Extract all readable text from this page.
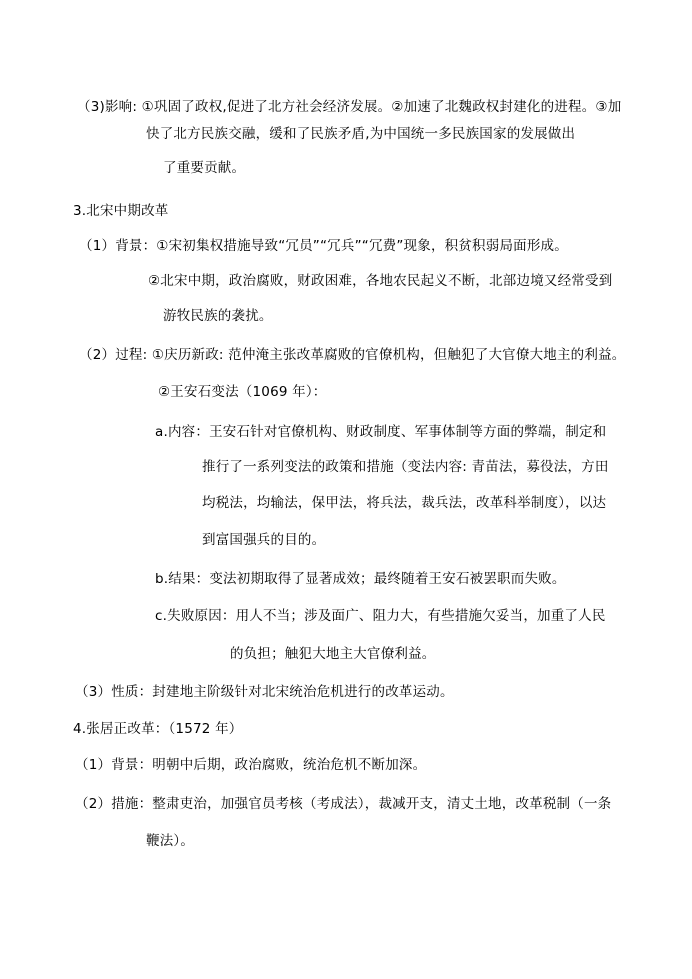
（3)影响: ①巩固了政权,促进了北方社会经济发展。②加速了北魏政权封建化的进程。③加
快了北方民族交融，缓和了民族矛盾,为中国统一多民族国家的发展做出
了重要贡献。
3.北宋中期改革
（1）背景：①宋初集权措施导致“冗员”“冗兵”“冗费”现象，积贫积弱局面形成。
②北宋中期，政治腐败，财政困难，各地农民起义不断，北部边境又经常受到
游牧民族的袭扰。
（2）过程: ①庆历新政: 范仲淹主张改革腐败的官僚机构，但触犯了大官僚大地主的利益。
②王安石变法（1069 年）：
a.内容：王安石针对官僚机构、财政制度、军事体制等方面的弊端，制定和
推行了一系列变法的政策和措施（变法内容: 青苗法，募役法，方田
均税法，均输法，保甲法，将兵法，裁兵法，改革科举制度），以达
到富国强兵的目的。
b.结果：变法初期取得了显著成效；最终随着王安石被罢职而失败。
c.失败原因：用人不当；涉及面广、阻力大，有些措施欠妥当，加重了人民
的负担；触犯大地主大官僚利益。
（3）性质：封建地主阶级针对北宋统治危机进行的改革运动。
4.张居正改革：（1572 年）
（1）背景：明朝中后期，政治腐败，统治危机不断加深。
（2）措施：整肃吏治，加强官员考核（考成法），裁减开支，清丈土地，改革税制（一条
鞭法）。
